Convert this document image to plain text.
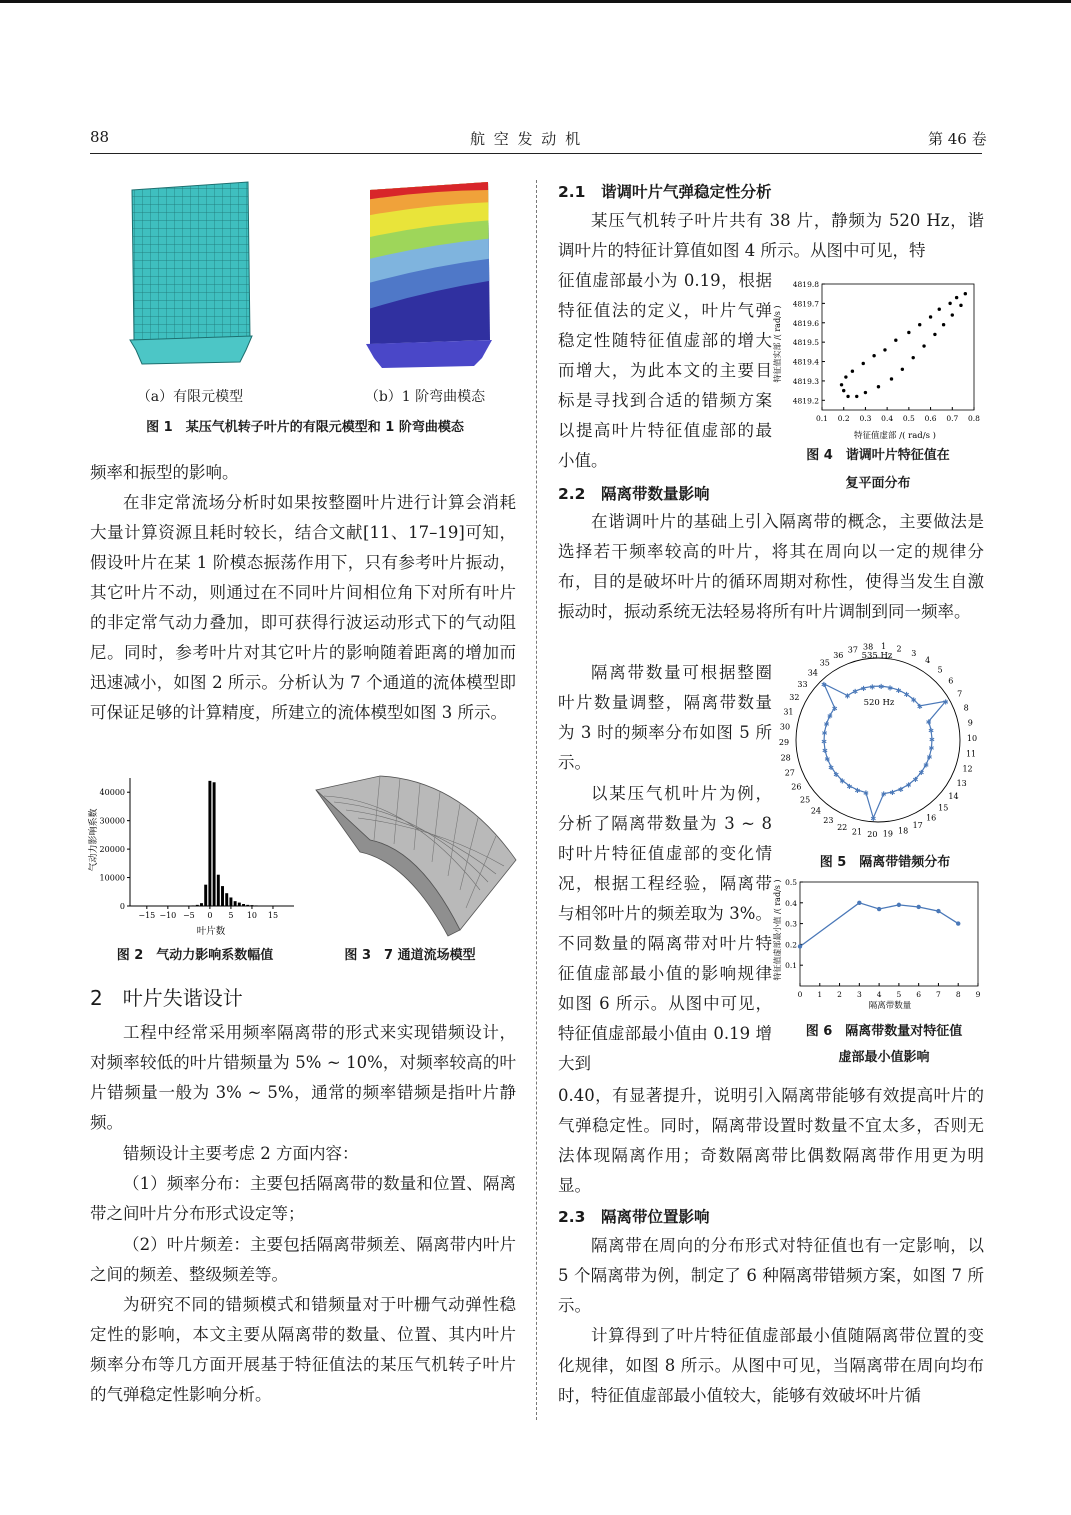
88	航 空 发 动 机	第 46 卷
（a）有限元模型	（b）1 阶弯曲模态
图 1　某压气机转子叶片的有限元模型和 1 阶弯曲模态
频率和振型的影响。
在非定常流场分析时如果按整圈叶片进行计算会消耗大量计算资源且耗时较长，结合文献[11、17–19]可知，假设叶片在某 1 阶模态振荡作用下，只有参考叶片振动，其它叶片不动，则通过在不同叶片间相位角下对所有叶片的非定常气动力叠加，即可获得行波运动形式下的气动阻尼。同时，参考叶片对其它叶片的影响随着距离的增加而迅速减小，如图 2 所示。分析认为 7 个通道的流体模型即可保证足够的计算精度，所建立的流体模型如图 3 所示。
气动力影响系数
叶片数
0
10000
20000
30000
40000
−15 −10 −5 0 5 10 15
图 2　气动力影响系数幅值	图 3　7 通道流场模型
2　叶片失谐设计
工程中经常采用频率隔离带的形式来实现错频设计，对频率较低的叶片错频量为 5% ~ 10%，对频率较高的叶片错频量一般为 3% ~ 5%，通常的频率错频是指叶片静频。
错频设计主要考虑 2 方面内容：
（1）频率分布：主要包括隔离带的数量和位置、隔离带之间叶片分布形式设定等；
（2）叶片频差：主要包括隔离带频差、隔离带内叶片之间的频差、整级频差等。
为研究不同的错频模式和错频量对于叶栅气动弹性稳定性的影响，本文主要从隔离带的数量、位置、其内叶片频率分布等几方面开展基于特征值法的某压气机转子叶片的气弹稳定性影响分析。
2.1　谐调叶片气弹稳定性分析
某压气机转子叶片共有 38 片，静频为 520 Hz，谐调叶片的特征计算值如图 4 所示。从图中可见，特
征值虚部最小为 0.19，根据特征值法的定义，叶片气弹稳定性随特征值虚部的增大而增大，为此本文的主要目标是寻找到合适的错频方案以提高叶片特征值虚部的最小值。
特征值实部 /( rad/s )
特征值虚部 /( rad/s )
4819.2
4819.3
4819.4
4819.5
4819.6
4819.7
4819.8
0.1 0.2 0.3 0.4 0.5 0.6 0.7 0.8
图 4　谐调叶片特征值在
复平面分布
2.2　隔离带数量影响
在谐调叶片的基础上引入隔离带的概念，主要做法是选择若干频率较高的叶片，将其在周向以一定的规律分布，目的是破坏叶片的循环周期对称性，使得当发生自激振动时，振动系统无法轻易将所有叶片调制到同一频率。
隔离带数量可根据整圈叶片数量调整，隔离带数量为 3 时的频率分布如图 5 所示。
535 Hz
520 Hz
1 2
3
4
5
6
7
8
9
10
11
12
13
14
15
16
17
18
19
20
21
22
23
24
25
26
27
28
29
30
31
32
33
34
35
36
37 38
✱ ✱ ✱
✱
✱
✱
✱
✱
✱
✱
✱
✱
✱
✱
✱
✱
✱
✱
✱
✱
✱
✱
✱
✱
✱
✱
✱
✱
✱
✱
✱
✱
✱
✱
✱
✱ ✱ ✱
图 5　隔离带错频分布
以某压气机叶片为例，分析了隔离带数量为 3 ~ 8 时叶片特征值虚部的变化情况，根据工程经验，隔离带与相邻叶片的频差取为 3%。不同数量的隔离带对叶片特征值虚部最小值的影响规律如图 6 所示。从图中可见，特征值虚部最小值由 0.19 增大到
特征值虚部最小值 /( rad/s )
隔离带数量
0.1
0.2
0.3
0.4
0.5
0 1 2 3 4 5 6 7 8 9
图 6　隔离带数量对特征值
虚部最小值影响
0.40，有显著提升，说明引入隔离带能够有效提高叶片的气弹稳定性。同时，隔离带设置时数量不宜太多，否则无法体现隔离作用；奇数隔离带比偶数隔离带作用更为明显。
2.3　隔离带位置影响
隔离带在周向的分布形式对特征值也有一定影响，以 5 个隔离带为例，制定了 6 种隔离带错频方案，如图 7 所示。
计算得到了叶片特征值虚部最小值随隔离带位置的变化规律，如图 8 所示。从图中可见，当隔离带在周向均布时，特征值虚部最小值较大，能够有效破坏叶片循
